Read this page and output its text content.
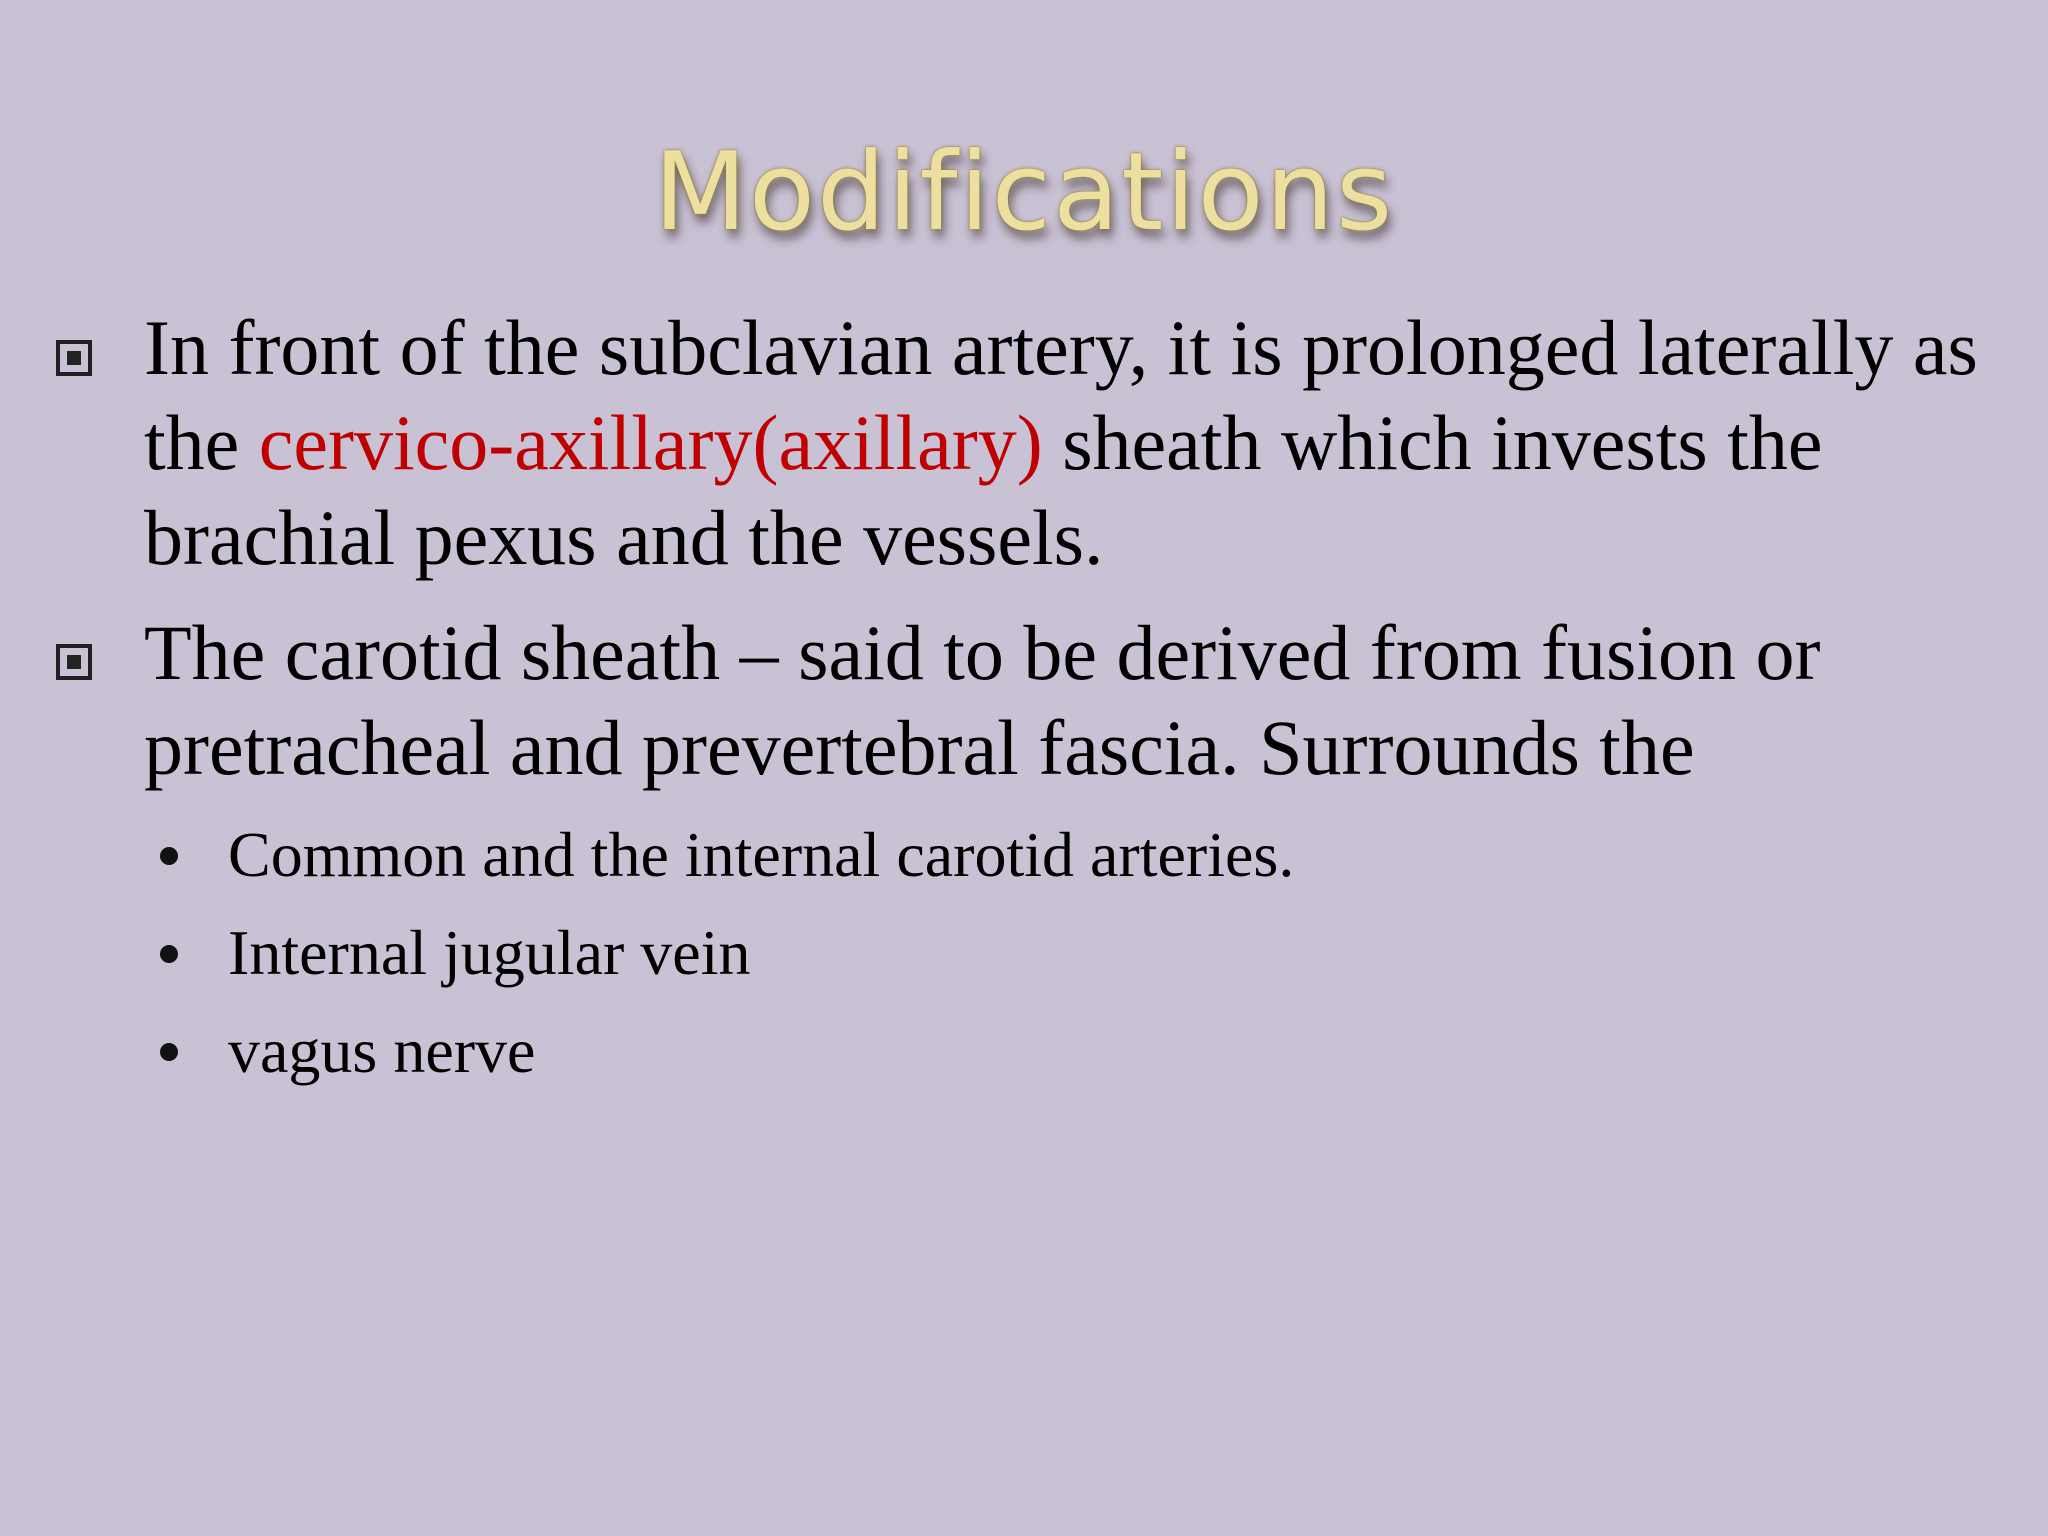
Modifications
In front of the subclavian artery, it is prolonged laterally as the cervico-axillary(axillary) sheath which invests the brachial pexus and the vessels.
The carotid sheath – said to be derived from fusion or pretracheal and prevertebral fascia. Surrounds the
Common and the internal carotid arteries.
Internal jugular vein
vagus nerve
